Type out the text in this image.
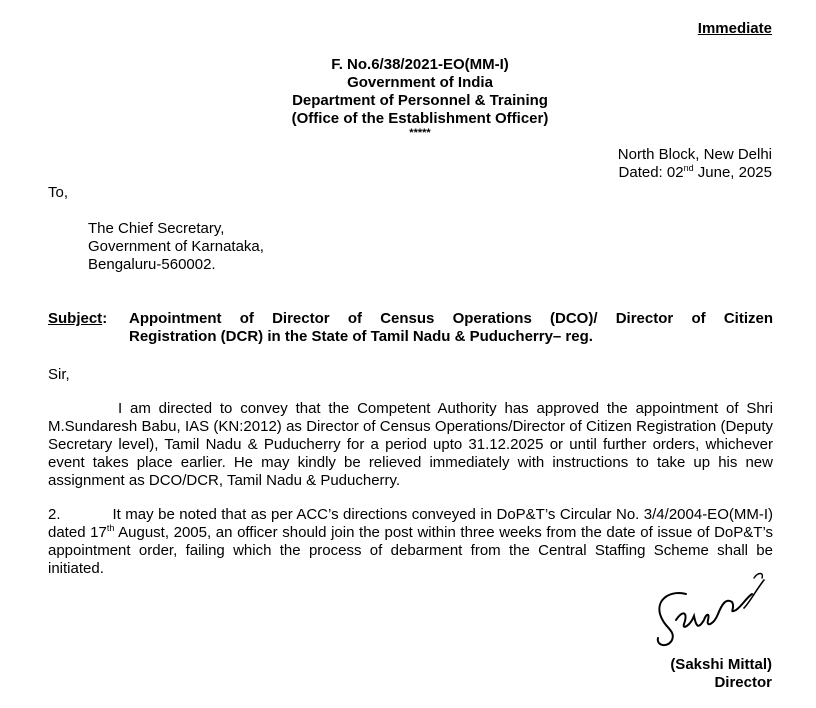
Immediate
F. No.6/38/2021-EO(MM-I)
Government of India
Department of Personnel & Training
(Office of the Establishment Officer)
*****
North Block, New Delhi
Dated: 02nd June, 2025
To,
The Chief Secretary,
Government of Karnataka,
Bengaluru-560002.
Subject: Appointment of Director of Census Operations (DCO)/ Director of Citizen
Registration (DCR) in the State of Tamil Nadu & Puducherry– reg.
Sir,
I am directed to convey that the Competent Authority has approved the appointment of Shri M.Sundaresh Babu, IAS (KN:2012) as Director of Census Operations/Director of Citizen Registration (Deputy Secretary level), Tamil Nadu & Puducherry for a period upto 31.12.2025 or until further orders, whichever event takes place earlier. He may kindly be relieved immediately with instructions to take up his new assignment as DCO/DCR, Tamil Nadu & Puducherry.
2.	It may be noted that as per ACC’s directions conveyed in DoP&T’s Circular No. 3/4/2004-EO(MM-I) dated 17th August, 2005, an officer should join the post within three weeks from the date of issue of DoP&T’s appointment order, failing which the process of debarment from the Central Staffing Scheme shall be initiated.
(Sakshi Mittal)
Director
